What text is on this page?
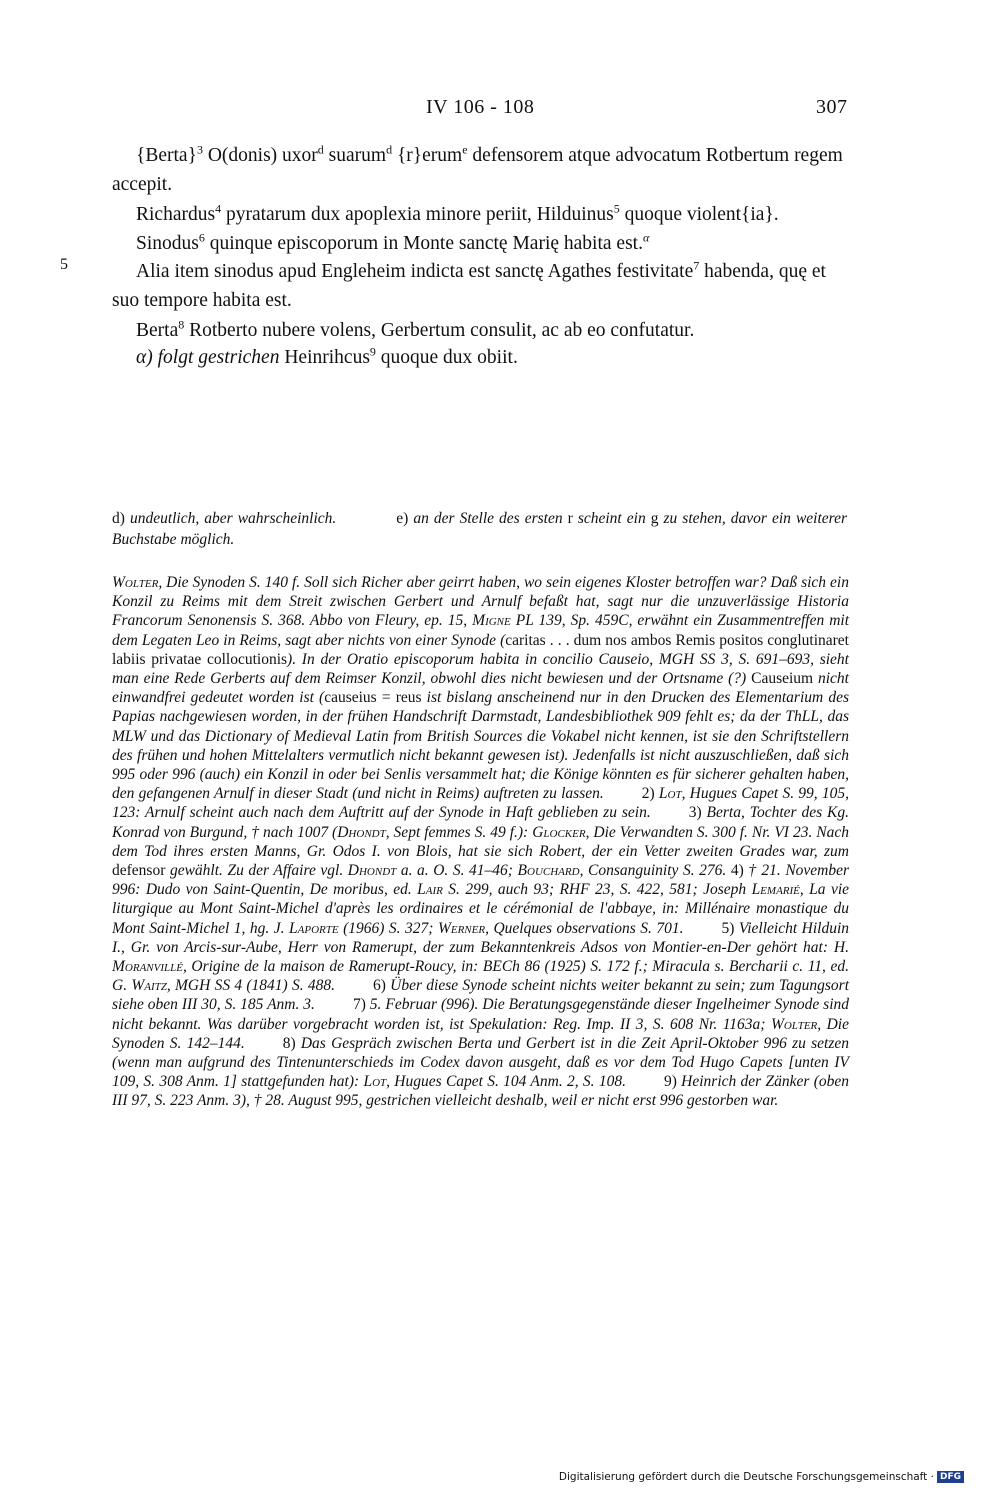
IV 106 - 108	307
5

{Berta}$^3$ O(donis) uxor$^d$ suarum$^d$ {r}erum$^e$ defensorem atque advocatum Rotbertum regem accepit.

Richardus$^4$ pyratarum dux apoplexia minore periit, Hilduinus$^5$ quoque violent{ia}.

Sinodus$^6$ quinque episcoporum in Monte sanctę Marię habita est.$^\alpha$

Alia item sinodus apud Engleheim indicta est sanctę Agathes festivitate$^7$ habenda, quę et suo tempore habita est.

Berta$^8$ Rotberto nubere volens, Gerbertum consulit, ac ab eo confutatur.

α) folgt gestrichen Heinrihcus$^9$ quoque dux obiit.
d) undeutlich, aber wahrscheinlich.	e) an der Stelle des ersten r scheint ein g zu stehen, davor ein weiterer Buchstabe möglich.
Wolter, Die Synoden S. 140 f. Soll sich Richer aber geirrt haben, wo sein eigenes Kloster betroffen war? Daß sich ein Konzil zu Reims mit dem Streit zwischen Gerbert und Arnulf befaßt hat, sagt nur die unzuverlässige Historia Francorum Senonensis S. 368. Abbo von Fleury, ep. 15, Migne PL 139, Sp. 459C, erwähnt ein Zusammentreffen mit dem Legaten Leo in Reims, sagt aber nichts von einer Synode (caritas . . . dum nos ambos Remis positos conglutinaret labiis privatae collocutionis). In der Oratio episcoporum habita in concilio Causeio, MGH SS 3, S. 691–693, sieht man eine Rede Gerberts auf dem Reimser Konzil, obwohl dies nicht bewiesen und der Ortsname (?) Causeium nicht einwandfrei gedeutet worden ist (causeius = reus ist bislang anscheinend nur in den Drucken des Elementarium des Papias nachgewiesen worden, in der frühen Handschrift Darmstadt, Landesbibliothek 909 fehlt es; da der ThLL, das MLW und das Dictionary of Medieval Latin from British Sources die Vokabel nicht kennen, ist sie den Schriftstellern des frühen und hohen Mittelalters vermutlich nicht bekannt gewesen ist). Jedenfalls ist nicht auszuschließen, daß sich 995 oder 996 (auch) ein Konzil in oder bei Senlis versammelt hat; die Könige könnten es für sicherer gehalten haben, den gefangenen Arnulf in dieser Stadt (und nicht in Reims) auftreten zu lassen. 2) Lot, Hugues Capet S. 99, 105, 123: Arnulf scheint auch nach dem Auftritt auf der Synode in Haft geblieben zu sein. 3) Berta, Tochter des Kg. Konrad von Burgund, † nach 1007 (Dhondt, Sept femmes S. 49 f.): Glocker, Die Verwandten S. 300 f. Nr. VI 23. Nach dem Tod ihres ersten Manns, Gr. Odos I. von Blois, hat sie sich Robert, der ein Vetter zweiten Grades war, zum defensor gewählt. Zu der Affaire vgl. Dhondt a. a. O. S. 41–46; Bouchard, Consanguinity S. 276. 4) † 21. November 996: Dudo von Saint-Quentin, De moribus, ed. Lair S. 299, auch 93; RHF 23, S. 422, 581; Joseph Lemarié, La vie liturgique au Mont Saint-Michel d'après les ordinaires et le cérémonial de l'abbaye, in: Millénaire monastique du Mont Saint-Michel 1, hg. J. Laporte (1966) S. 327; Werner, Quelques observations S. 701. 5) Vielleicht Hilduin I., Gr. von Arcis-sur-Aube, Herr von Ramerupt, der zum Bekanntenkreis Adsos von Montier-en-Der gehört hat: H. Moranvillé, Origine de la maison de Ramerupt-Roucy, in: BECh 86 (1925) S. 172 f.; Miracula s. Bercharii c. 11, ed. G. Waitz, MGH SS 4 (1841) S. 488. 6) Über diese Synode scheint nichts weiter bekannt zu sein; zum Tagungsort siehe oben III 30, S. 185 Anm. 3. 7) 5. Februar (996). Die Beratungsgegenstände dieser Ingelheimer Synode sind nicht bekannt. Was darüber vorgebracht worden ist, ist Spekulation: Reg. Imp. II 3, S. 608 Nr. 1163a; Wolter, Die Synoden S. 142–144. 8) Das Gespräch zwischen Berta und Gerbert ist in die Zeit April-Oktober 996 zu setzen (wenn man aufgrund des Tintenunterschieds im Codex davon ausgeht, daß es vor dem Tod Hugo Capets [unten IV 109, S. 308 Anm. 1] stattgefunden hat): Lot, Hugues Capet S. 104 Anm. 2, S. 108. 9) Heinrich der Zänker (oben III 97, S. 223 Anm. 3), † 28. August 995, gestrichen vielleicht deshalb, weil er nicht erst 996 gestorben war.
Digitalisierung gefördert durch die Deutsche Forschungsgemeinschaft · DFG
